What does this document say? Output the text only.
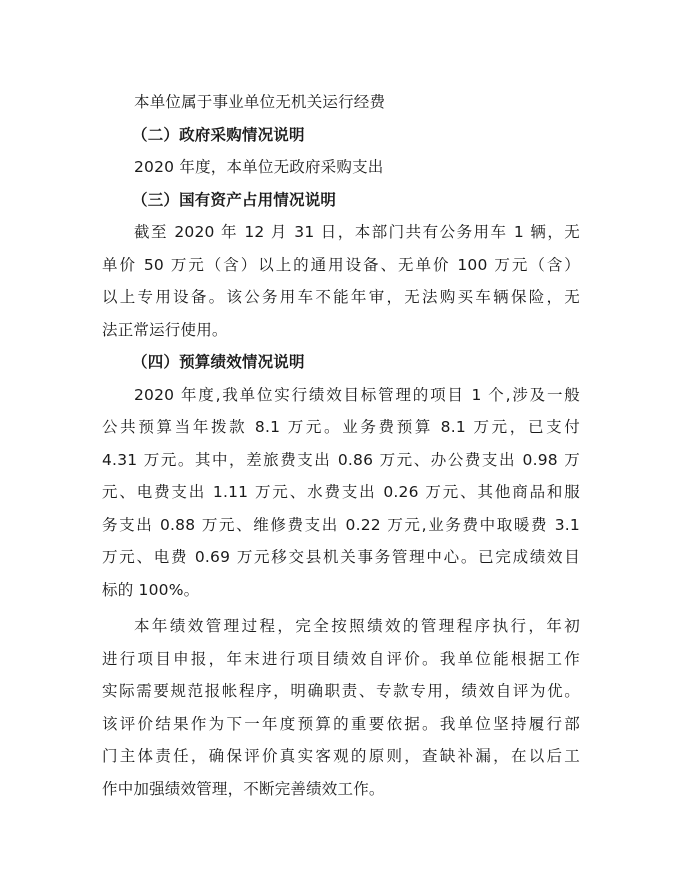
本单位属于事业单位无机关运行经费
（二）政府采购情况说明
2020 年度，本单位无政府采购支出
（三）国有资产占用情况说明
截至 2020 年 12 月 31 日，本部门共有公务用车 1 辆，无
单价 50 万元（含）以上的通用设备、无单价 100 万元（含）
以上专用设备。该公务用车不能年审，无法购买车辆保险，无
法正常运行使用。
（四）预算绩效情况说明
2020 年度,我单位实行绩效目标管理的项目 1 个,涉及一般
公共预算当年拨款 8.1 万元。业务费预算 8.1 万元，已支付
4.31 万元。其中，差旅费支出 0.86 万元、办公费支出 0.98 万
元、电费支出 1.11 万元、水费支出 0.26 万元、其他商品和服
务支出 0.88 万元、维修费支出 0.22 万元,业务费中取暖费 3.1
万元、电费 0.69 万元移交县机关事务管理中心。已完成绩效目
标的 100%。
本年绩效管理过程，完全按照绩效的管理程序执行，年初
进行项目申报，年末进行项目绩效自评价。我单位能根据工作
实际需要规范报帐程序，明确职责、专款专用，绩效自评为优。
该评价结果作为下一年度预算的重要依据。我单位坚持履行部
门主体责任，确保评价真实客观的原则，查缺补漏，在以后工
作中加强绩效管理，不断完善绩效工作。
